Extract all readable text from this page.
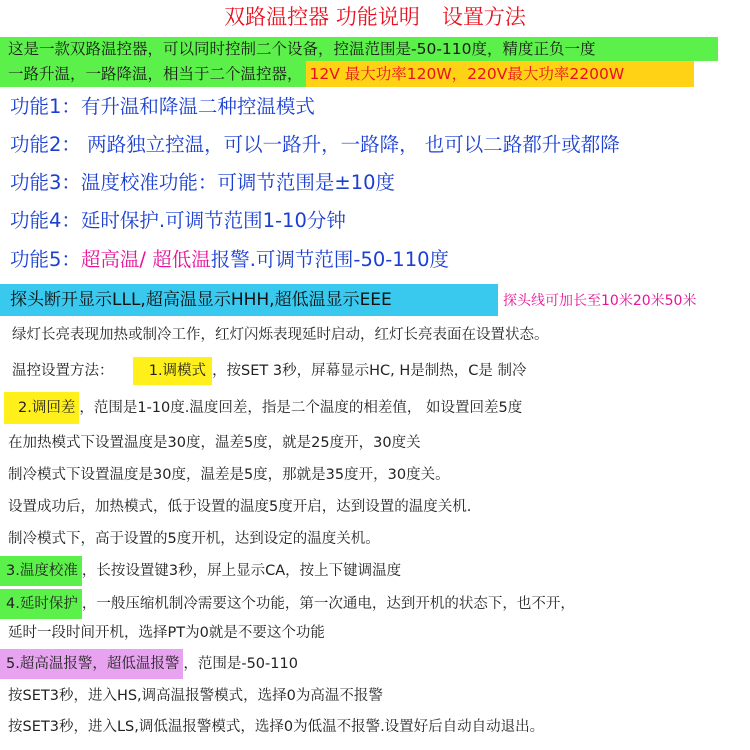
双路温控器 功能说明 设置方法
这是一款双路温控器，可以同时控制二个设备，控温范围是-50-110度，精度正负一度
一路升温，一路降温，相当于二个温控器， 12V 最大功率120W，220V最大功率2200W
功能1：有升温和降温二种控温模式
功能2： 两路独立控温，可以一路升，一路降， 也可以二路都升或都降
功能3：温度校准功能：可调节范围是±10度
功能4：延时保护.可调节范围1-10分钟
功能5：超高温/ 超低温报警.可调节范围-50-110度
探头断开显示LLL,超高温显示HHH,超低温显示EEE	探头线可加长至10米20米50米
绿灯长亮表现加热或制冷工作，红灯闪烁表现延时启动，红灯长亮表面在设置状态。
温控设置方法： 1.调模式 ，按SET 3秒，屏幕显示HC, H是制热，C是 制冷
2.调回差 ，范围是1-10度.温度回差，指是二个温度的相差值， 如设置回差5度
在加热模式下设置温度是30度，温差5度，就是25度开，30度关
制冷模式下设置温度是30度，温差是5度，那就是35度开，30度关。
设置成功后，加热模式，低于设置的温度5度开启，达到设置的温度关机.
制冷模式下，高于设置的5度开机，达到设定的温度关机。
3.温度校准 ，长按设置键3秒，屏上显示CA，按上下键调温度
4.延时保护 ，一般压缩机制冷需要这个功能，第一次通电，达到开机的状态下，也不开，
延时一段时间开机，选择PT为0就是不要这个功能
5.超高温报警，超低温报警 ，范围是-50-110
按SET3秒，进入HS,调高温报警模式，选择0为高温不报警
按SET3秒，进入LS,调低温报警模式，选择0为低温不报警.设置好后自动自动退出。
